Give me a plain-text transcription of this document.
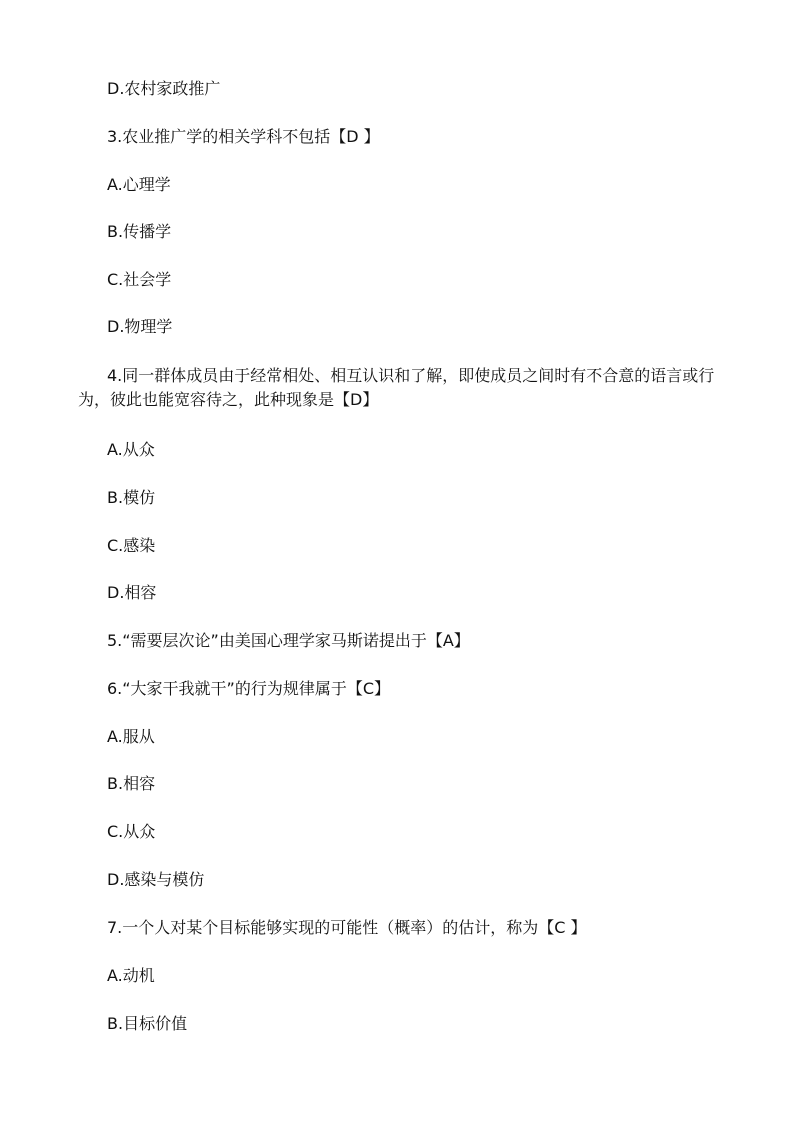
D.农村家政推广
3.农业推广学的相关学科不包括【D 】
A.心理学
B.传播学
C.社会学
D.物理学
4.同一群体成员由于经常相处、相互认识和了解，即使成员之间时有不合意的语言或行为，彼此也能宽容待之，此种现象是【D】
A.从众
B.模仿
C.感染
D.相容
5.“需要层次论”由美国心理学家马斯诺提出于【A】
6.“大家干我就干”的行为规律属于【C】
A.服从
B.相容
C.从众
D.感染与模仿
7.一个人对某个目标能够实现的可能性（概率）的估计，称为【C 】
A.动机
B.目标价值
